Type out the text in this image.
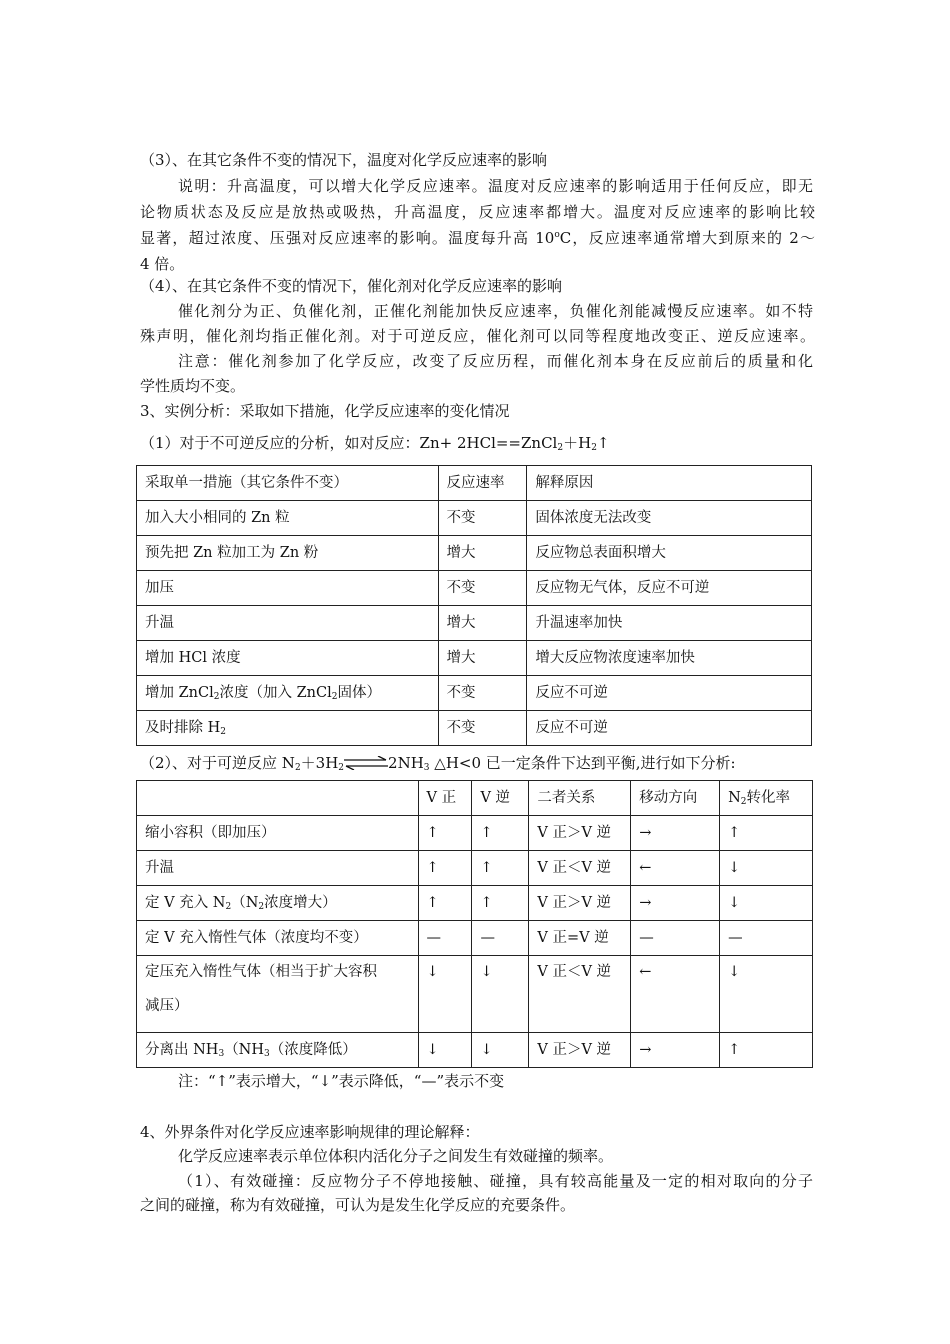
（3）、在其它条件不变的情况下，温度对化学反应速率的影响
说明：升高温度，可以增大化学反应速率。温度对反应速率的影响适用于任何反应，即无
论物质状态及反应是放热或吸热，升高温度，反应速率都增大。温度对反应速率的影响比较
显著，超过浓度、压强对反应速率的影响。温度每升高 10$^o$C，反应速率通常增大到原来的 2～
4 倍。
（4）、在其它条件不变的情况下，催化剂对化学反应速率的影响
催化剂分为正、负催化剂，正催化剂能加快反应速率，负催化剂能减慢反应速率。如不特
殊声明，催化剂均指正催化剂。对于可逆反应，催化剂可以同等程度地改变正、逆反应速率。
注意：催化剂参加了化学反应，改变了反应历程，而催化剂本身在反应前后的质量和化
学性质均不变。
3、实例分析：采取如下措施，化学反应速率的变化情况
（1）对于不可逆反应的分析，如对反应：$Zn+ 2HCl==ZnCl_2+H_2↑$
采取单一措施（其它条件不变）	反应速率	解释原因
加入大小相同的 Zn 粒	不变	固体浓度无法改变
预先把 Zn 粒加工为 Zn 粉	增大	反应物总表面积增大
加压	不变	反应物无气体，反应不可逆
升温	增大	升温速率加快
增加 HCl 浓度	增大	增大反应物浓度速率加快
增加 ZnCl$_2$浓度（加入 ZnCl$_2$固体）	不变	反应不可逆
及时排除 $H_2$	不变	反应不可逆
（2）、对于可逆反应 $N_2+3H_2\rightleftharpoons 2NH_3$ △H<0 已一定条件下达到平衡,进行如下分析:
	V 正	V 逆	二者关系	移动方向	$N_2$转化率
缩小容积（即加压）	↑	↑	V 正＞V 逆	→	↑
升温	↑	↑	V 正＜V 逆	←	↓
定 V 充入 $N_2(N_2$浓度增大）	↑	↑	V 正＞V 逆	→	↓
定 V 充入惰性气体（浓度均不变）	—	—	V 正=V 逆	—	—

定压充入惰性气体（相当于扩大容积
减压）	↓	↓	V 正＜V 逆	←	↓
分离出 $NH_3(NH_3$（浓度降低）	↓	↓	V 正＞V 逆	→	↑
注：“↑”表示增大，“↓”表示降低，“—”表示不变
4、外界条件对化学反应速率影响规律的理论解释：
化学反应速率表示单位体积内活化分子之间发生有效碰撞的频率。
（1）、有效碰撞：反应物分子不停地接触、碰撞，具有较高能量及一定的相对取向的分子
之间的碰撞，称为有效碰撞，可认为是发生化学反应的充要条件。
